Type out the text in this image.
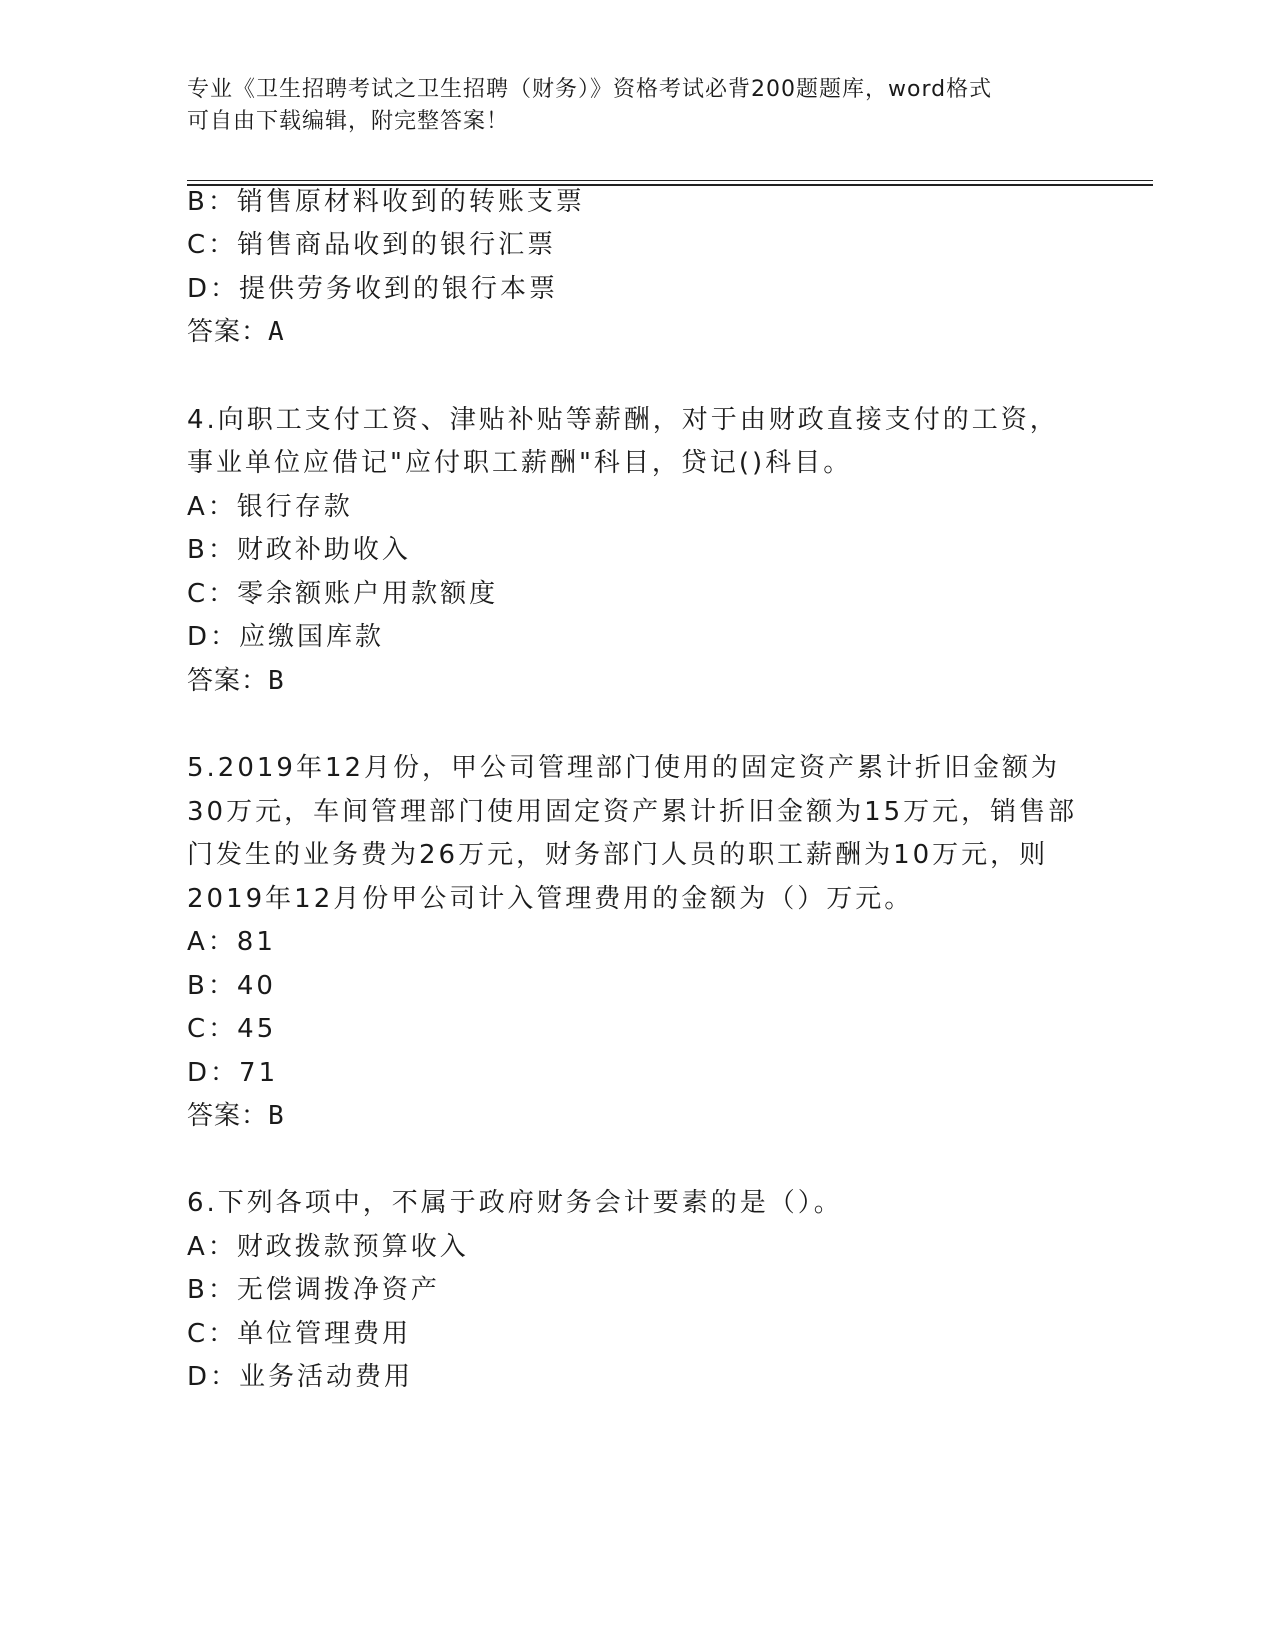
专业《卫生招聘考试之卫生招聘（财务）》资格考试必背200题题库，word格式
可自由下载编辑，附完整答案！
B：销售原材料收到的转账支票
C：销售商品收到的银行汇票
D：提供劳务收到的银行本票
答案：A
4.向职工支付工资、津贴补贴等薪酬，对于由财政直接支付的工资，
事业单位应借记"应付职工薪酬"科目，贷记()科目。
A：银行存款
B：财政补助收入
C：零余额账户用款额度
D：应缴国库款
答案：B
5.2019年12月份，甲公司管理部门使用的固定资产累计折旧金额为
30万元，车间管理部门使用固定资产累计折旧金额为15万元，销售部
门发生的业务费为26万元，财务部门人员的职工薪酬为10万元，则
2019年12月份甲公司计入管理费用的金额为（）万元。
A：81
B：40
C：45
D：71
答案：B
6.下列各项中，不属于政府财务会计要素的是（）。
A：财政拨款预算收入
B：无偿调拨净资产
C：单位管理费用
D：业务活动费用
